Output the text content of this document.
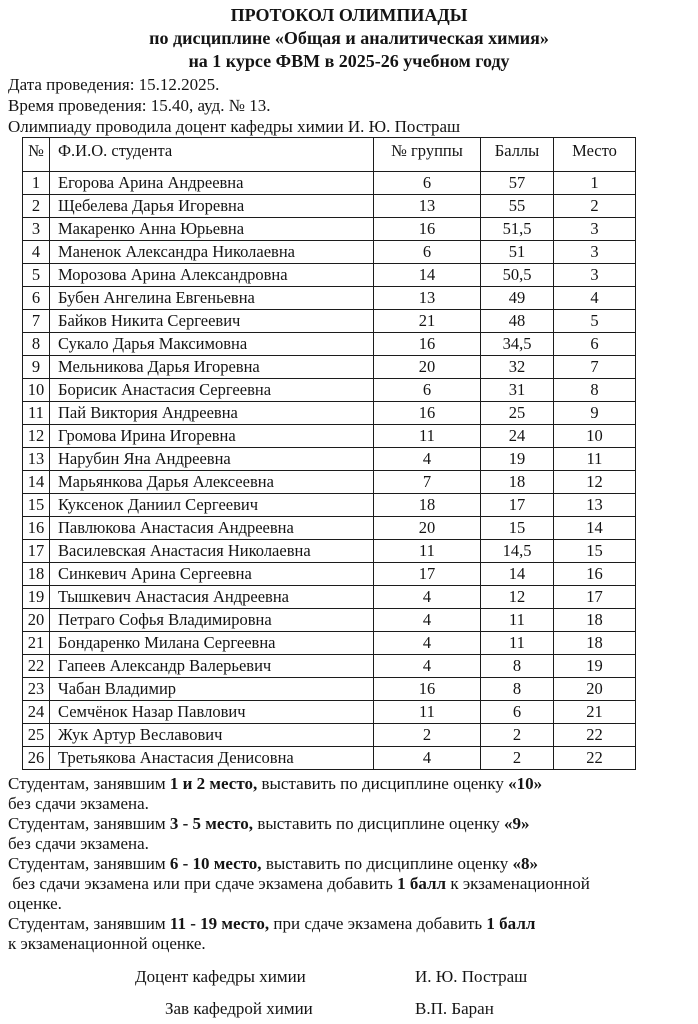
ПРОТОКОЛ ОЛИМПИАДЫ
по дисциплине «Общая и аналитическая химия»
на 1 курсе ФВМ в 2025-26 учебном году
Дата проведения: 15.12.2025.
Время проведения: 15.40, ауд. № 13.
Олимпиаду проводила доцент кафедры химии И. Ю. Постраш
№	Ф.И.О. студента	№ группы	Баллы	Место
1	Егорова Арина Андреевна	6	57	1
2	Щебелева Дарья Игоревна	13	55	2
3	Макаренко Анна Юрьевна	16	51,5	3
4	Маненок Александра Николаевна	6	51	3
5	Морозова Арина Александровна	14	50,5	3
6	Бубен Ангелина Евгеньевна	13	49	4
7	Байков Никита Сергеевич	21	48	5
8	Сукало Дарья Максимовна	16	34,5	6
9	Мельникова Дарья Игоревна	20	32	7
10	Борисик Анастасия Сергеевна	6	31	8
11	Пай Виктория Андреевна	16	25	9
12	Громова Ирина Игоревна	11	24	10
13	Нарубин Яна Андреевна	4	19	11
14	Марьянкова Дарья Алексеевна	7	18	12
15	Куксенок Даниил Сергеевич	18	17	13
16	Павлюкова Анастасия Андреевна	20	15	14
17	Василевская Анастасия Николаевна	11	14,5	15
18	Синкевич Арина Сергеевна	17	14	16
19	Тышкевич Анастасия Андреевна	4	12	17
20	Петраго Софья Владимировна	4	11	18
21	Бондаренко Милана Сергеевна	4	11	18
22	Гапеев Александр Валерьевич	4	8	19
23	Чабан Владимир	16	8	20
24	Семчёнок Назар Павлович	11	6	21
25	Жук Артур Веславович	2	2	22
26	Третьякова Анастасия Денисовна	4	2	22
Студентам, занявшим 1 и 2 место, выставить по дисциплине оценку «10»
без сдачи экзамена.
Студентам, занявшим 3 - 5 место, выставить по дисциплине оценку «9»
без сдачи экзамена.
Студентам, занявшим 6 - 10 место, выставить по дисциплине оценку «8»
без сдачи экзамена или при сдаче экзамена добавить 1 балл к экзаменационной
оценке.
Студентам, занявшим 11 - 19 место, при сдаче экзамена добавить 1 балл
к экзаменационной оценке.
Доцент кафедры химии	И. Ю. Постраш
Зав кафедрой химии	В.П. Баран
